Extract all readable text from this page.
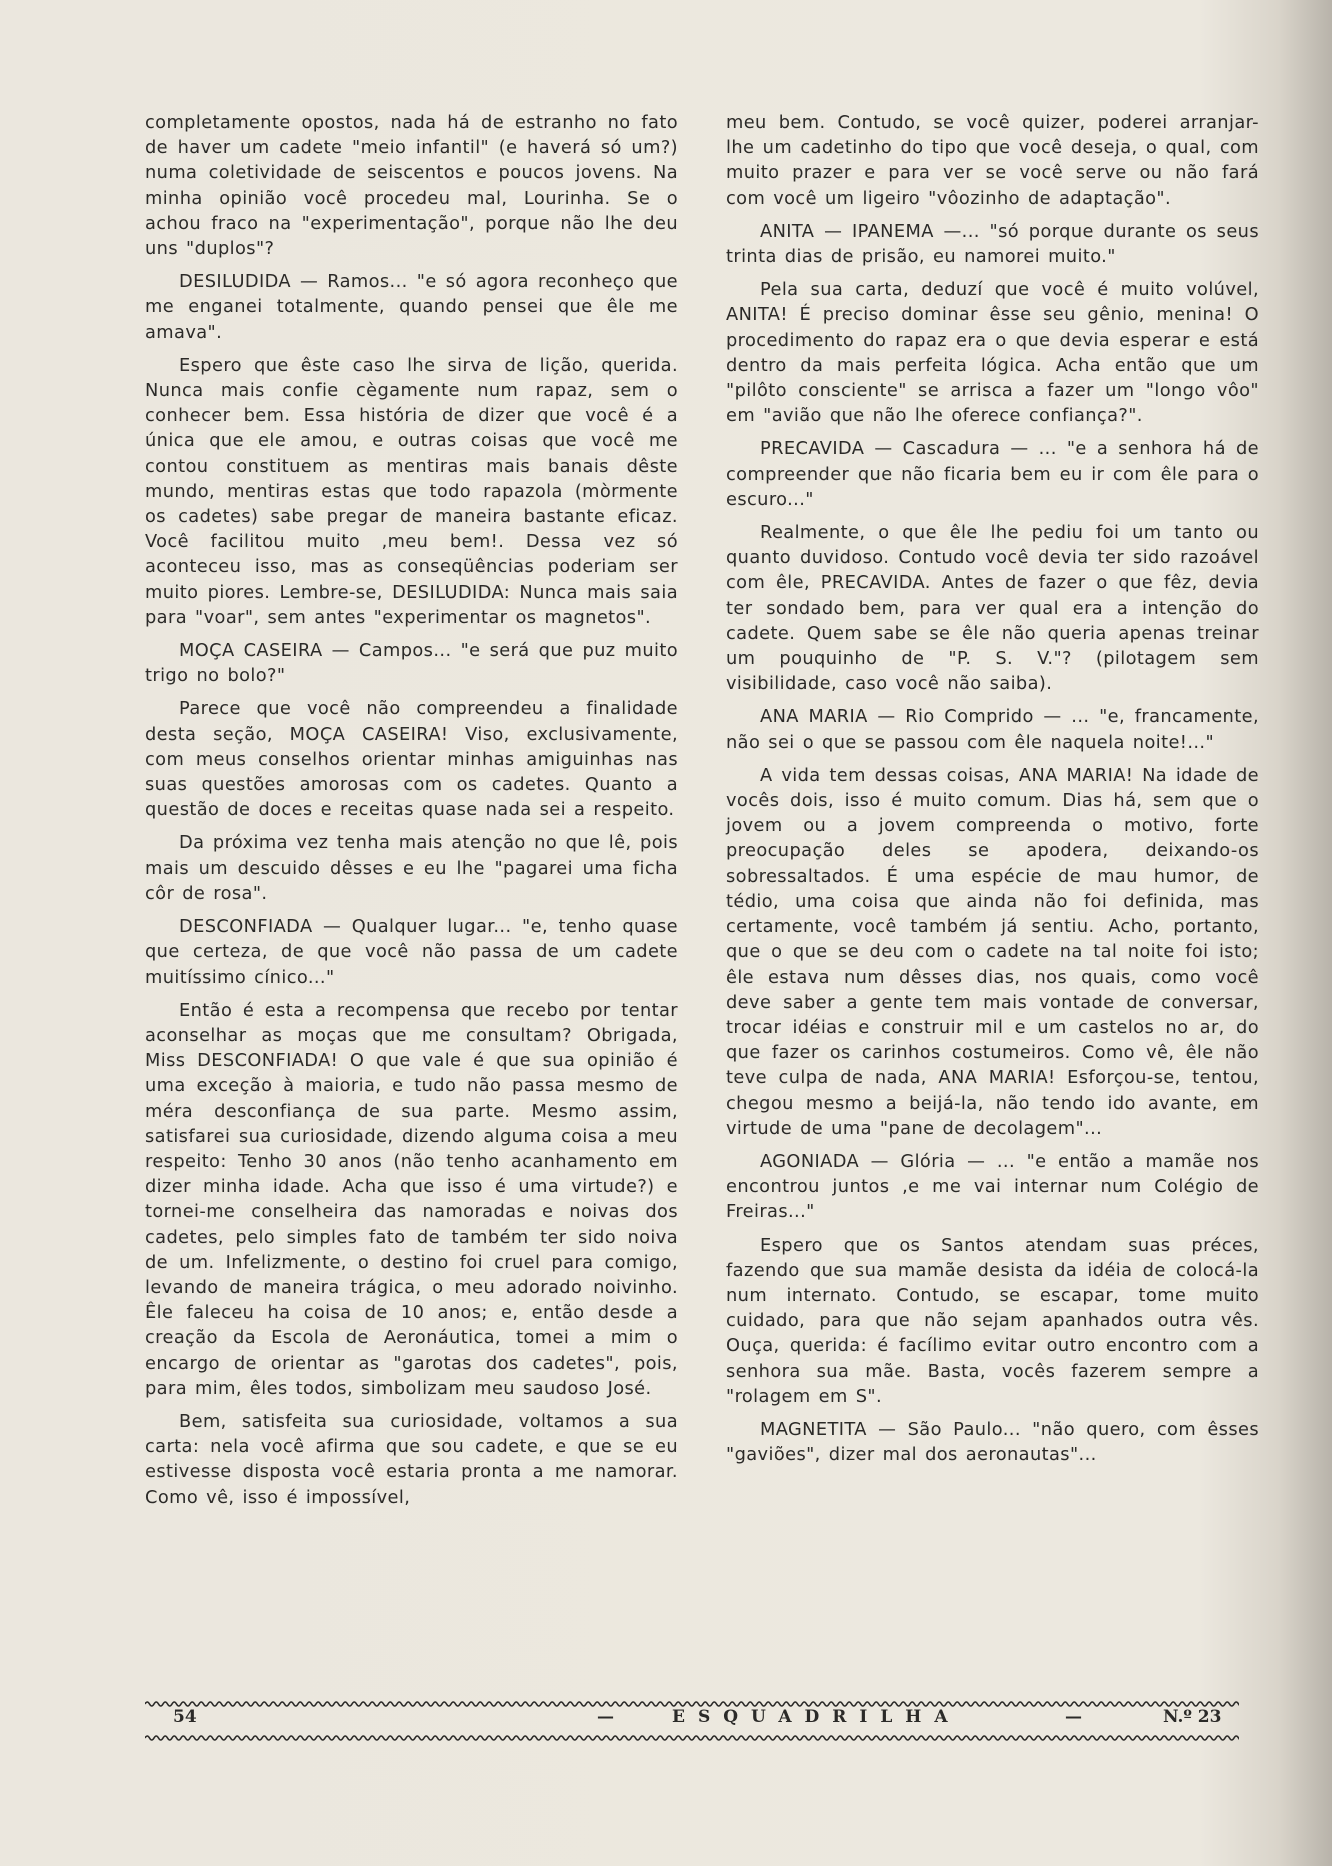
completamente opostos, nada há de estranho no fato de haver um cadete "meio infantil" (e haverá só um?) numa coletividade de seiscentos e poucos jovens. Na minha opinião você procedeu mal, Lourinha. Se o achou fraco na "experimentação", porque não lhe deu uns "duplos"?

DESILUDIDA — Ramos... "e só agora reconheço que me enganei totalmente, quando pensei que êle me amava".

Espero que êste caso lhe sirva de lição, querida. Nunca mais confie cègamente num rapaz, sem o conhecer bem. Essa história de dizer que você é a única que ele amou, e outras coisas que você me contou constituem as mentiras mais banais dêste mundo, mentiras estas que todo rapazola (mòrmente os cadetes) sabe pregar de maneira bastante eficaz. Você facilitou muito ,meu bem!. Dessa vez só aconteceu isso, mas as conseqüências poderiam ser muito piores. Lembre-se, DESILUDIDA: Nunca mais saia para "voar", sem antes "experimentar os magnetos".

MOÇA CASEIRA — Campos... "e será que puz muito trigo no bolo?"

Parece que você não compreendeu a finalidade desta seção, MOÇA CASEIRA! Viso, exclusivamente, com meus conselhos orientar minhas amiguinhas nas suas questões amorosas com os cadetes. Quanto a questão de doces e receitas quase nada sei a respeito.

Da próxima vez tenha mais atenção no que lê, pois mais um descuido dêsses e eu lhe "pagarei uma ficha côr de rosa".

DESCONFIADA — Qualquer lugar... "e, tenho quase que certeza, de que você não passa de um cadete muitíssimo cínico..."

Então é esta a recompensa que recebo por tentar aconselhar as moças que me consultam? Obrigada, Miss DESCONFIADA! O que vale é que sua opinião é uma exceção à maioria, e tudo não passa mesmo de méra desconfiança de sua parte. Mesmo assim, satisfarei sua curiosidade, dizendo alguma coisa a meu respeito: Tenho 30 anos (não tenho acanhamento em dizer minha idade. Acha que isso é uma virtude?) e tornei-me conselheira das namoradas e noivas dos cadetes, pelo simples fato de também ter sido noiva de um. Infelizmente, o destino foi cruel para comigo, levando de maneira trágica, o meu adorado noivinho. Êle faleceu ha coisa de 10 anos; e, então desde a creação da Escola de Aeronáutica, tomei a mim o encargo de orientar as "garotas dos cadetes", pois, para mim, êles todos, simbolizam meu saudoso José.

Bem, satisfeita sua curiosidade, voltamos a sua carta: nela você afirma que sou cadete, e que se eu estivesse disposta você estaria pronta a me namorar. Como vê, isso é impossível,

meu bem. Contudo, se você quizer, poderei arranjar-lhe um cadetinho do tipo que você deseja, o qual, com muito prazer e para ver se você serve ou não fará com você um ligeiro "vôozinho de adaptação".

ANITA — IPANEMA —... "só porque durante os seus trinta dias de prisão, eu namorei muito."

Pela sua carta, deduzí que você é muito volúvel, ANITA! É preciso dominar êsse seu gênio, menina! O procedimento do rapaz era o que devia esperar e está dentro da mais perfeita lógica. Acha então que um "pilôto consciente" se arrisca a fazer um "longo vôo" em "avião que não lhe oferece confiança?".

PRECAVIDA — Cascadura — ... "e a senhora há de compreender que não ficaria bem eu ir com êle para o escuro..."

Realmente, o que êle lhe pediu foi um tanto ou quanto duvidoso. Contudo você devia ter sido razoável com êle, PRECAVIDA. Antes de fazer o que fêz, devia ter sondado bem, para ver qual era a intenção do cadete. Quem sabe se êle não queria apenas treinar um pouquinho de "P. S. V."? (pilotagem sem visibilidade, caso você não saiba).

ANA MARIA — Rio Comprido — ... "e, francamente, não sei o que se passou com êle naquela noite!..."

A vida tem dessas coisas, ANA MARIA! Na idade de vocês dois, isso é muito comum. Dias há, sem que o jovem ou a jovem compreenda o motivo, forte preocupação deles se apodera, deixando-os sobressaltados. É uma espécie de mau humor, de tédio, uma coisa que ainda não foi definida, mas certamente, você também já sentiu. Acho, portanto, que o que se deu com o cadete na tal noite foi isto; êle estava num dêsses dias, nos quais, como você deve saber a gente tem mais vontade de conversar, trocar idéias e construir mil e um castelos no ar, do que fazer os carinhos costumeiros. Como vê, êle não teve culpa de nada, ANA MARIA! Esforçou-se, tentou, chegou mesmo a beijá-la, não tendo ido avante, em virtude de uma "pane de decolagem"...

AGONIADA — Glória — ... "e então a mamãe nos encontrou juntos ,e me vai internar num Colégio de Freiras..."

Espero que os Santos atendam suas préces, fazendo que sua mamãe desista da idéia de colocá-la num internato. Contudo, se escapar, tome muito cuidado, para que não sejam apanhados outra vês. Ouça, querida: é facílimo evitar outro encontro com a senhora sua mãe. Basta, vocês fazerem sempre a "rolagem em S".

MAGNETITA — São Paulo... "não quero, com êsses "gaviões", dizer mal dos aeronautas"...

54	—	ESQUADRILHA	—	N.º 23
